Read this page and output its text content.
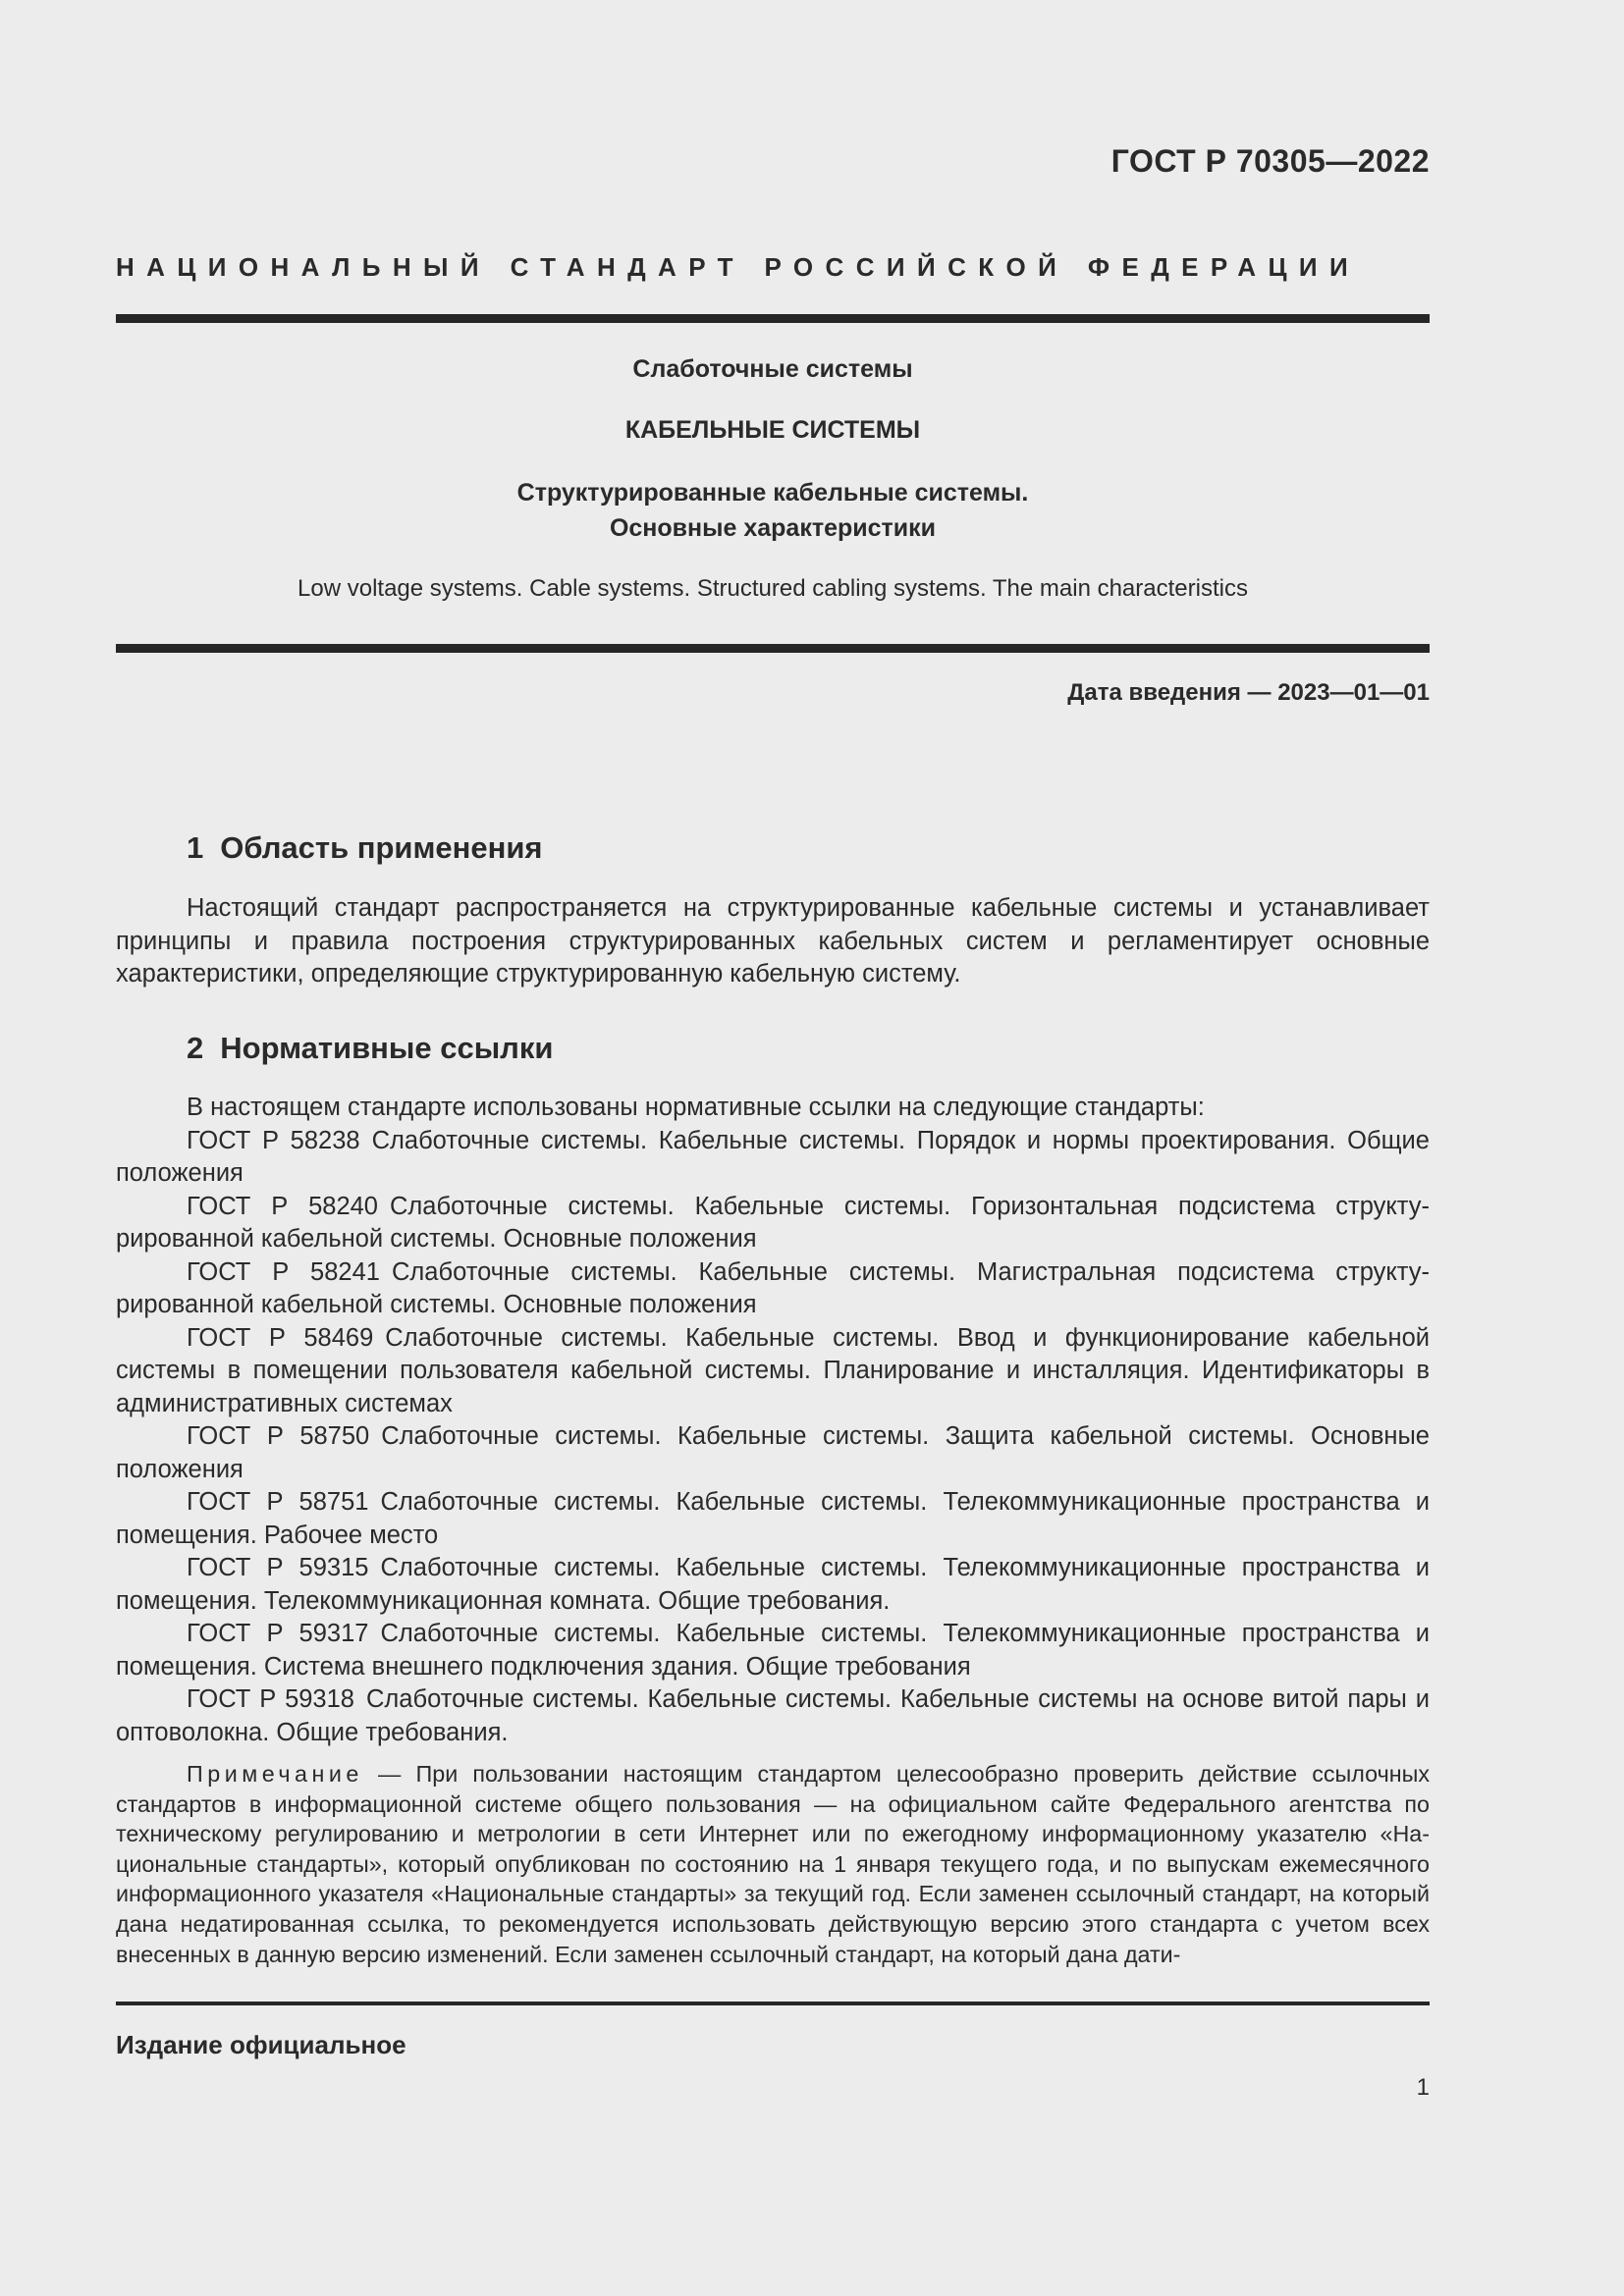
ГОСТ Р 70305—2022
НАЦИОНАЛЬНЫЙ СТАНДАРТ РОССИЙСКОЙ ФЕДЕРАЦИИ
Слаботочные системы
КАБЕЛЬНЫЕ СИСТЕМЫ
Структурированные кабельные системы.
Основные характеристики
Low voltage systems. Cable systems. Structured cabling systems. The main characteristics
Дата введения — 2023—01—01
1 Область применения

Настоящий стандарт распространяется на структурированные кабельные системы и устанавливает принципы и правила построения структурированных кабельных систем и регламентирует основные характеристики, определяющие структурированную кабельную систему.

2 Нормативные ссылки

В настоящем стандарте использованы нормативные ссылки на следующие стандарты:

ГОСТ Р 58238 Слаботочные системы. Кабельные системы. Порядок и нормы проектирования. Общие положения

ГОСТ Р 58240 Слаботочные системы. Кабельные системы. Горизонтальная подсистема структурированной кабельной системы. Основные положения

ГОСТ Р 58241 Слаботочные системы. Кабельные системы. Магистральная подсистема структурированной кабельной системы. Основные положения

ГОСТ Р 58469 Слаботочные системы. Кабельные системы. Ввод и функционирование кабельной системы в помещении пользователя кабельной системы. Планирование и инсталляция. Идентификаторы в административных системах

ГОСТ Р 58750 Слаботочные системы. Кабельные системы. Защита кабельной системы. Основные положения

ГОСТ Р 58751 Слаботочные системы. Кабельные системы. Телекоммуникационные пространства и помещения. Рабочее место

ГОСТ Р 59315 Слаботочные системы. Кабельные системы. Телекоммуникационные пространства и помещения. Телекоммуникационная комната. Общие требования.

ГОСТ Р 59317 Слаботочные системы. Кабельные системы. Телекоммуникационные пространства и помещения. Система внешнего подключения здания. Общие требования

ГОСТ Р 59318 Слаботочные системы. Кабельные системы. Кабельные системы на основе витой пары и оптоволокна. Общие требования.

Примечание — При пользовании настоящим стандартом целесообразно проверить действие ссылочных стандартов в информационной системе общего пользования — на официальном сайте Федерального агентства по техническому регулированию и метрологии в сети Интернет или по ежегодному информационному указателю «Национальные стандарты», который опубликован по состоянию на 1 января текущего года, и по выпускам ежемесячного информационного указателя «Национальные стандарты» за текущий год. Если заменен ссылочный стандарт, на который дана недатированная ссылка, то рекомендуется использовать действующую версию этого стандарта с учетом всех внесенных в данную версию изменений. Если заменен ссылочный стандарт, на который дана дати-

Издание официальное
1
